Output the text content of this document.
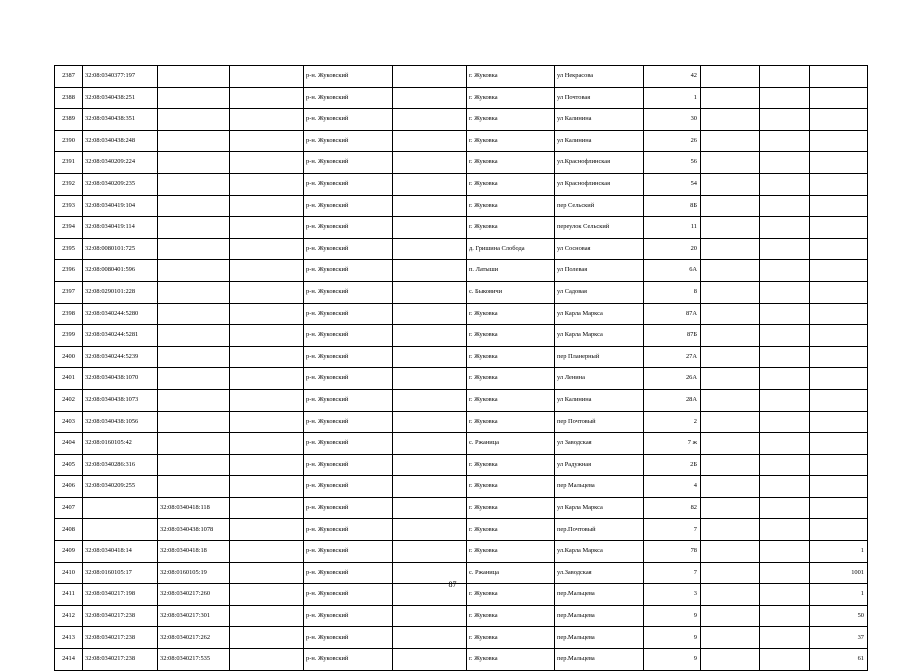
2387	32:08:0340377:197			р-н. Жуковский		г. Жуковка	ул Некрасова	42			
2388	32:08:0340438:251			р-н. Жуковский		г. Жуковка	ул Почтовая	1			
2389	32:08:0340438:351			р-н. Жуковский		г. Жуковка	ул Калинина	30			
2390	32:08:0340438:248			р-н. Жуковский		г. Жуковка	ул Калинина	26			
2391	32:08:0340209:224			р-н. Жуковский		г. Жуковка	ул.Краснофлинская	56			
2392	32:08:0340209:235			р-н. Жуковский		г. Жуковка	ул Краснофлинская	54			
2393	32:08:0340419:104			р-н. Жуковский		г. Жуковка	пер Сельский	8Б			
2394	32:08:0340419:114			р-н. Жуковский		г. Жуковка	переулок Сельский	11			
2395	32:08:0080101:725			р-н. Жуковский		д. Гришина Слобода	ул Сосновая	20			
2396	32:08:0080401:596			р-н. Жуковский		п. Латыши	ул Полевая	6А			
2397	32:08:0290101:228			р-н. Жуковский		с. Быковичи	ул Садовая	8			
2398	32:08:0340244:5280			р-н. Жуковский		г. Жуковка	ул Карла Маркса	87А			
2399	32:08:0340244:5281			р-н. Жуковский		г. Жуковка	ул Карла Маркса	87Б			
2400	32:08:0340244:5239			р-н. Жуковский		г. Жуковка	пер Планерный	27А			
2401	32:08:0340438:1070			р-н. Жуковский		г. Жуковка	ул Ленина	26А			
2402	32:08:0340438:1073			р-н. Жуковский		г. Жуковка	ул Калинина	28А			
2403	32:08:0340438:1056			р-н. Жуковский		г. Жуковка	пер Почтовый	2			
2404	32:08:0160105:42			р-н. Жуковский		с. Ржаница	ул Заводская	7 ж			
2405	32:08:0340286:316			р-н. Жуковский		г. Жуковка	ул Радужная	2Б			
2406	32:08:0340209:255			р-н. Жуковский		г. Жуковка	пер Мальцева	4			
2407		32:08:0340418:118		р-н. Жуковский		г. Жуковка	ул Карла Маркса	82			
2408		32:08:0340438:1078		р-н. Жуковский		г. Жуковка	пер.Почтовый	7			
2409	32:08:0340418:14	32:08:0340418:18		р-н. Жуковский		г. Жуковка	ул.Карла Маркса	78			1
2410	32:08:0160105:17	32:08:0160105:19		р-н. Жуковский		с. Ржаница	ул.Заводская	7			1001
2411	32:08:0340217:198	32:08:0340217:260		р-н. Жуковский		г. Жуковка	пер.Мальцева	3			1
2412	32:08:0340217:238	32:08:0340217:301		р-н. Жуковский		г. Жуковка	пер.Мальцева	9			50
2413	32:08:0340217:238	32:08:0340217:262		р-н. Жуковский		г. Жуковка	пер.Мальцева	9			37
2414	32:08:0340217:238	32:08:0340217:535		р-н. Жуковский		г. Жуковка	пер.Мальцева	9			61
87
